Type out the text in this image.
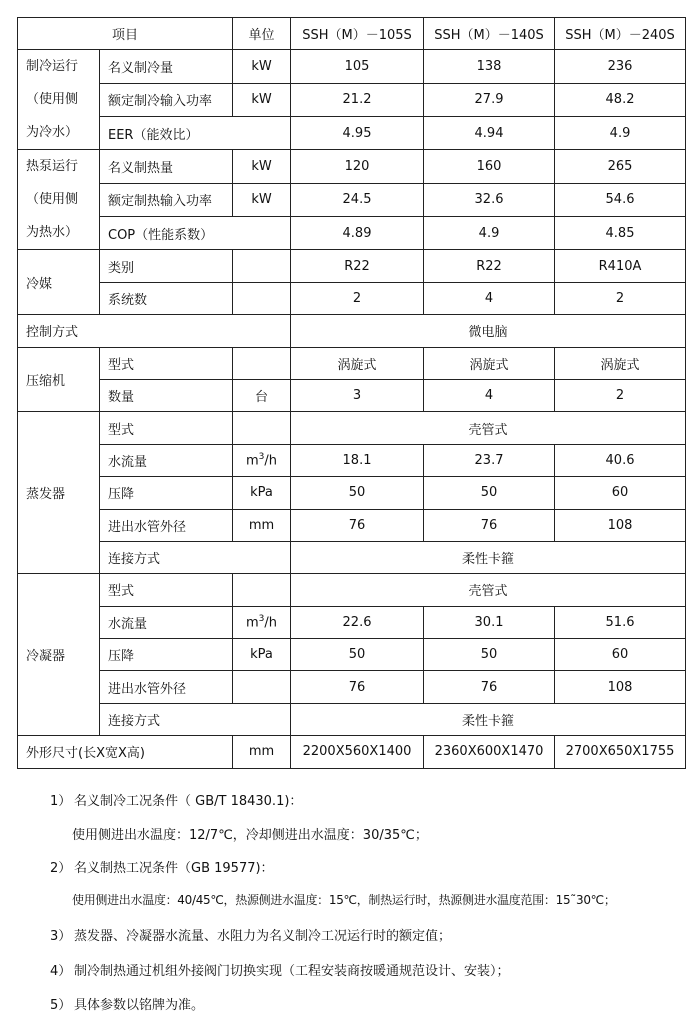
项目		单位	SSH（M）－105S	SSH（M）－140S	SSH（M）－240S

制冷运行
（使用侧
为冷水）	名义制冷量	kW	105	138	236
	额定制冷输入功率	kW	21.2	27.9	48.2
	EER（能效比）		4.95	4.94	4.9

热泵运行
（使用侧
为热水）	名义制热量	kW	120	160	265
	额定制热输入功率	kW	24.5	32.6	54.6
	COP（性能系数）		4.89	4.9	4.85
冷媒	类别		R22	R22	R410A
	系统数		2	4	2
控制方式			微电脑		
压缩机	型式		涡旋式	涡旋式	涡旋式
	数量	台	3	4	2
蒸发器	型式		壳管式		
	水流量	$m^3/h$	18.1	23.7	40.6
	压降	kPa	50	50	60
	进出水管外径	mm	76	76	108
	连接方式		柔性卡箍		
冷凝器	型式		壳管式		
	水流量	$m^3/h$	22.6	30.1	51.6
	压降	kPa	50	50	60
	进出水管外径		76	76	108
	连接方式		柔性卡箍		
外形尺寸(长X宽X高)		mm	2200X560X1400	2360X600X1470	2700X650X1755
1） 名义制冷工况条件（ GB/T 18430.1)：
使用侧进出水温度：12/7℃，冷却侧进出水温度：30/35℃；
2） 名义制热工况条件（GB 19577)：
使用侧进出水温度：40/45℃，热源侧进水温度：15℃，制热运行时，热源侧进水温度范围：15˜30℃；
3） 蒸发器、冷凝器水流量、水阻力为名义制冷工况运行时的额定值；
4） 制冷制热通过机组外接阀门切换实现（工程安装商按暖通规范设计、安装）；
5） 具体参数以铭牌为准。
